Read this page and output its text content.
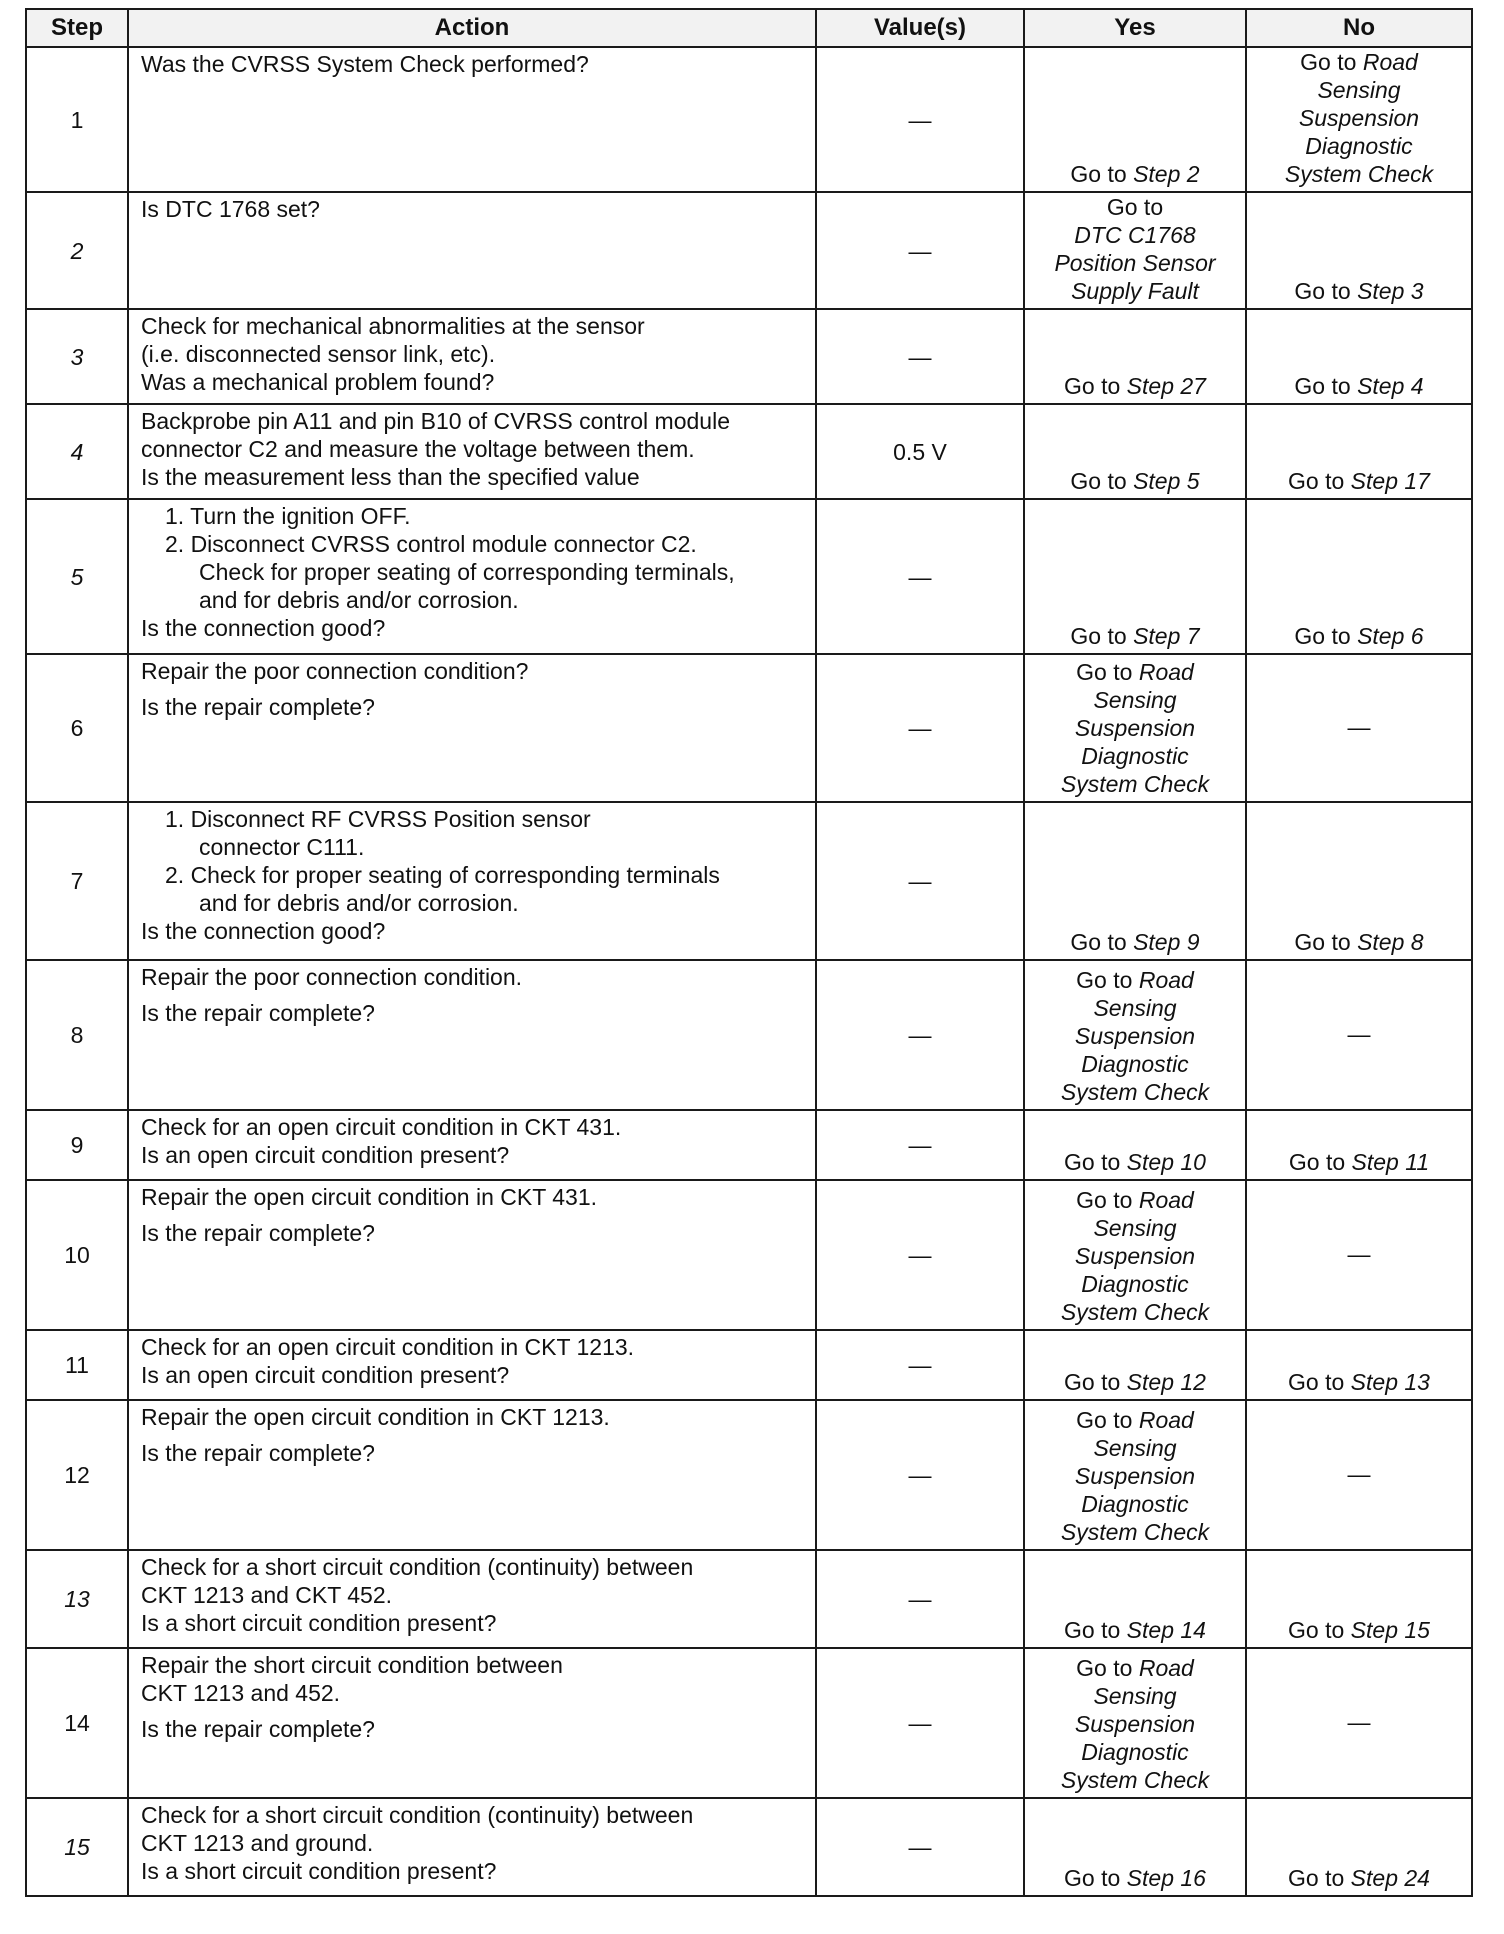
Step	Action	Value(s)	Yes	No
1	Was the CVRSS System Check performed?	—	Go to Step 2	Go to Road
Sensing
Suspension
Diagnostic
System Check

2	Is DTC 1768 set?	—	Go to
DTC C1768
Position Sensor
Supply Fault	Go to Step 3

3	Check for mechanical abnormalities at the sensor
(i.e. disconnected sensor link, etc).
Was a mechanical problem found?	—	Go to Step 27	Go to Step 4

4	Backprobe pin A11 and pin B10 of CVRSS control module
connector C2 and measure the voltage between them.
Is the measurement less than the specified value	0.5 V	Go to Step 5	Go to Step 17

5	1. Turn the ignition OFF.
2. Disconnect CVRSS control module connector C2.
Check for proper seating of corresponding terminals,
and for debris and/or corrosion.
Is the connection good?	—	Go to Step 7	Go to Step 6

6	Repair the poor connection condition?
Is the repair complete?	—	Go to Road
Sensing
Suspension
Diagnostic
System Check	—
7	1. Disconnect RF CVRSS Position sensor
connector C111.
2. Check for proper seating of corresponding terminals
and for debris and/or corrosion.
Is the connection good?	—	Go to Step 9	Go to Step 8

8	Repair the poor connection condition.
Is the repair complete?	—	Go to Road
Sensing
Suspension
Diagnostic
System Check	—
9	Check for an open circuit condition in CKT 431.
Is an open circuit condition present?	—	Go to Step 10	Go to Step 11

10	Repair the open circuit condition in CKT 431.
Is the repair complete?	—	Go to Road
Sensing
Suspension
Diagnostic
System Check	—
11	Check for an open circuit condition in CKT 1213.
Is an open circuit condition present?	—	Go to Step 12	Go to Step 13

12	Repair the open circuit condition in CKT 1213.
Is the repair complete?	—	Go to Road
Sensing
Suspension
Diagnostic
System Check	—
13	Check for a short circuit condition (continuity) between
CKT 1213 and CKT 452.
Is a short circuit condition present?	—	Go to Step 14	Go to Step 15

14	Repair the short circuit condition between
CKT 1213 and 452.
Is the repair complete?	—	Go to Road
Sensing
Suspension
Diagnostic
System Check	—
15	Check for a short circuit condition (continuity) between
CKT 1213 and ground.
Is a short circuit condition present?	—	Go to Step 16	Go to Step 24
